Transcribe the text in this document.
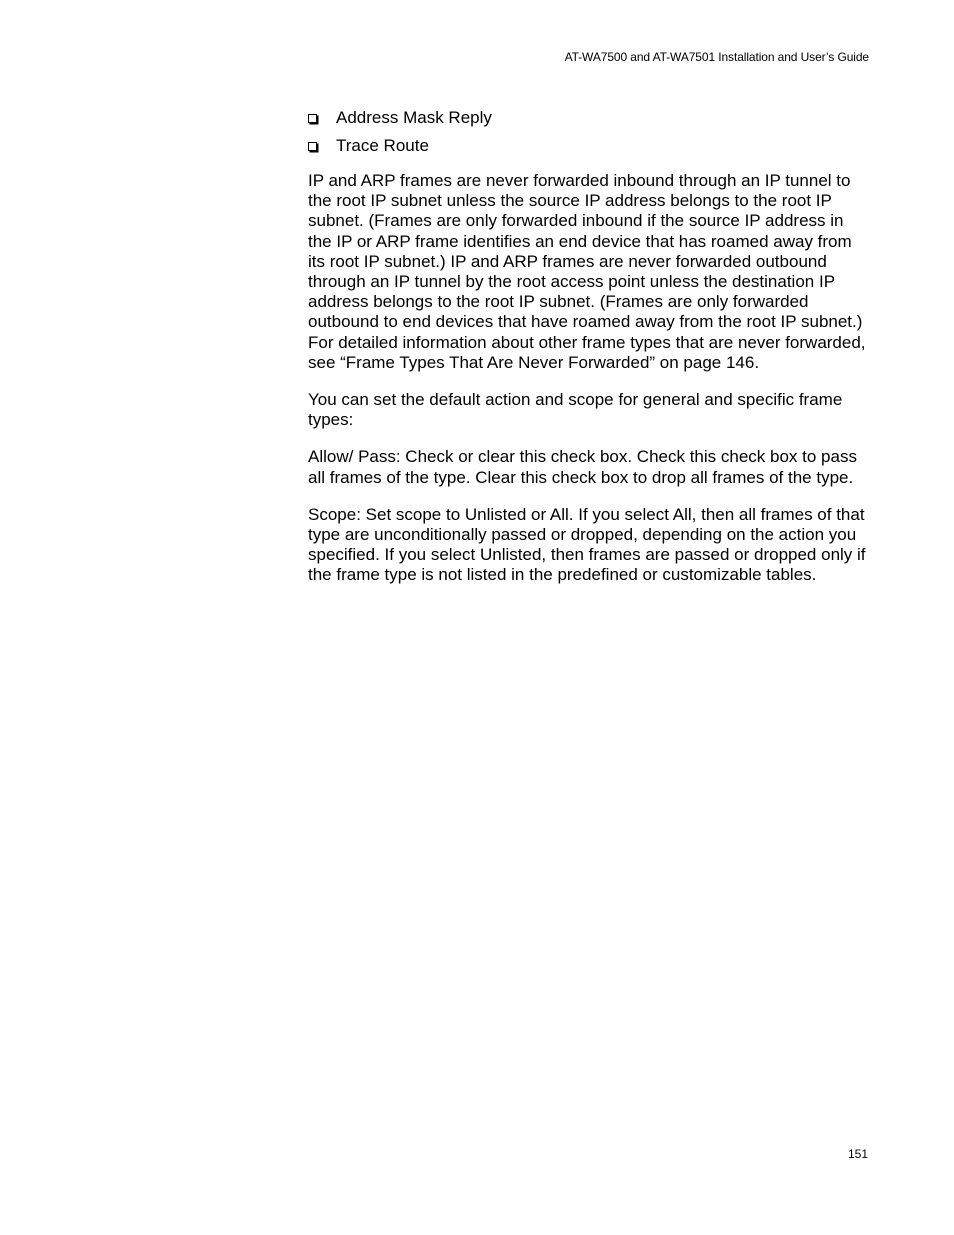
AT-WA7500 and AT-WA7501 Installation and User’s Guide
Address Mask Reply
Trace Route

IP and ARP frames are never forwarded inbound through an IP tunnel to the root IP subnet unless the source IP address belongs to the root IP subnet. (Frames are only forwarded inbound if the source IP address in the IP or ARP frame identifies an end device that has roamed away from its root IP subnet.) IP and ARP frames are never forwarded outbound through an IP tunnel by the root access point unless the destination IP address belongs to the root IP subnet. (Frames are only forwarded outbound to end devices that have roamed away from the root IP subnet.) For detailed information about other frame types that are never forwarded, see “Frame Types That Are Never Forwarded” on page 146.

You can set the default action and scope for general and specific frame types:

Allow/ Pass: Check or clear this check box. Check this check box to pass all frames of the type. Clear this check box to drop all frames of the type.

Scope: Set scope to Unlisted or All. If you select All, then all frames of that type are unconditionally passed or dropped, depending on the action you specified. If you select Unlisted, then frames are passed or dropped only if the frame type is not listed in the predefined or customizable tables.

151
